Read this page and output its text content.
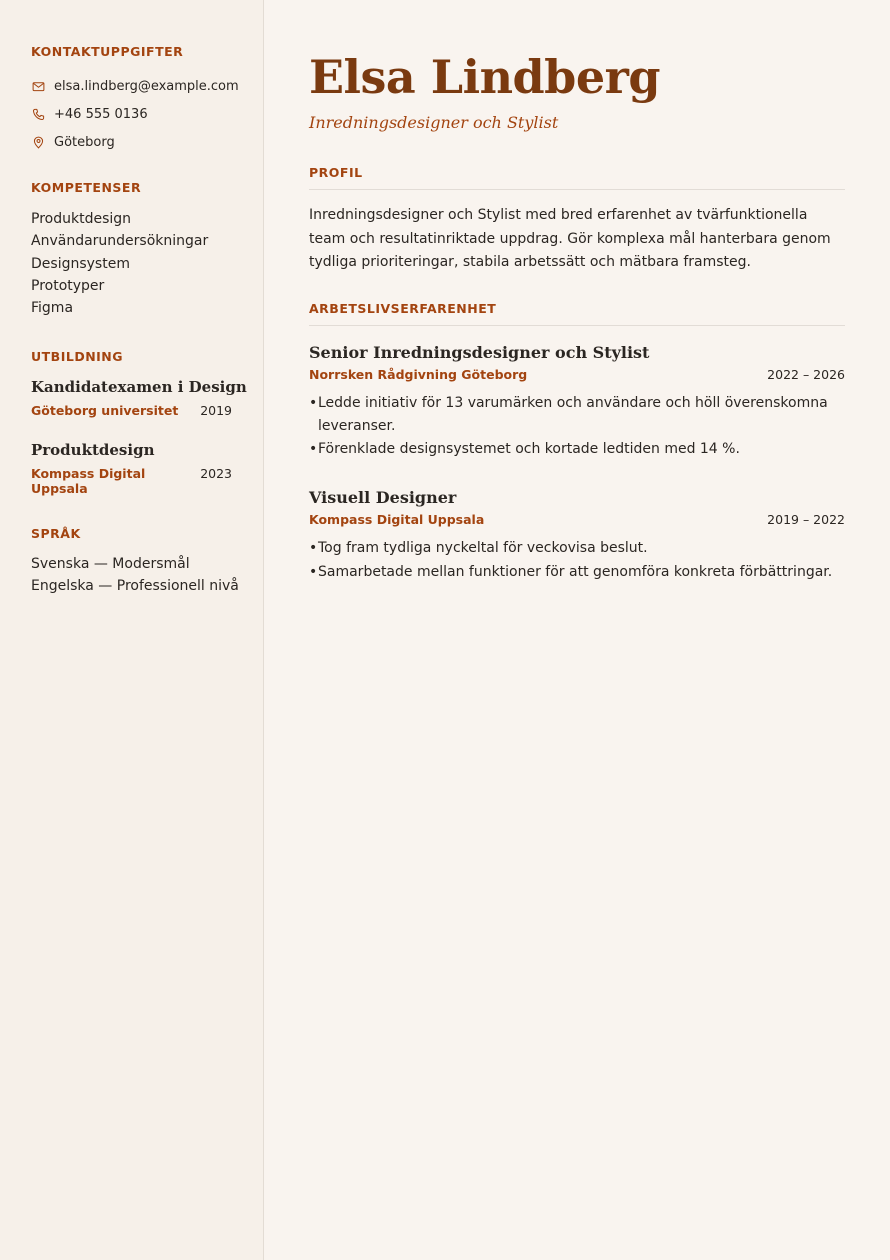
KONTAKTUPPGIFTER
elsa.lindberg@example.com
+46 555 0136
Göteborg
KOMPETENSER
Produktdesign
Användarundersökningar
Designsystem
Prototyper
Figma
UTBILDNING
Kandidatexamen i Design
Göteborg universitet 2019
Produktdesign
Kompass Digital Uppsala
2023
SPRÅK
Svenska — Modersmål
Engelska — Professionell nivå
Elsa Lindberg
Inredningsdesigner och Stylist
PROFIL

Inredningsdesigner och Stylist med bred erfarenhet av tvärfunktionella team och resultatinriktade uppdrag. Gör komplexa mål hanterbara genom tydliga prioriteringar, stabila arbetssätt och mätbara framsteg.

ARBETSLIVSERFARENHET
Senior Inredningsdesigner och Stylist
Norrsken Rådgivning Göteborg	2022 – 2026
• Ledde initiativ för 13 varumärken och användare och höll överenskomna leveranser.
• Förenklade designsystemet och kortade ledtiden med 14 %.
Visuell Designer
Kompass Digital Uppsala	2019 – 2022
• Tog fram tydliga nyckeltal för veckovisa beslut.
• Samarbetade mellan funktioner för att genomföra konkreta förbättringar.
